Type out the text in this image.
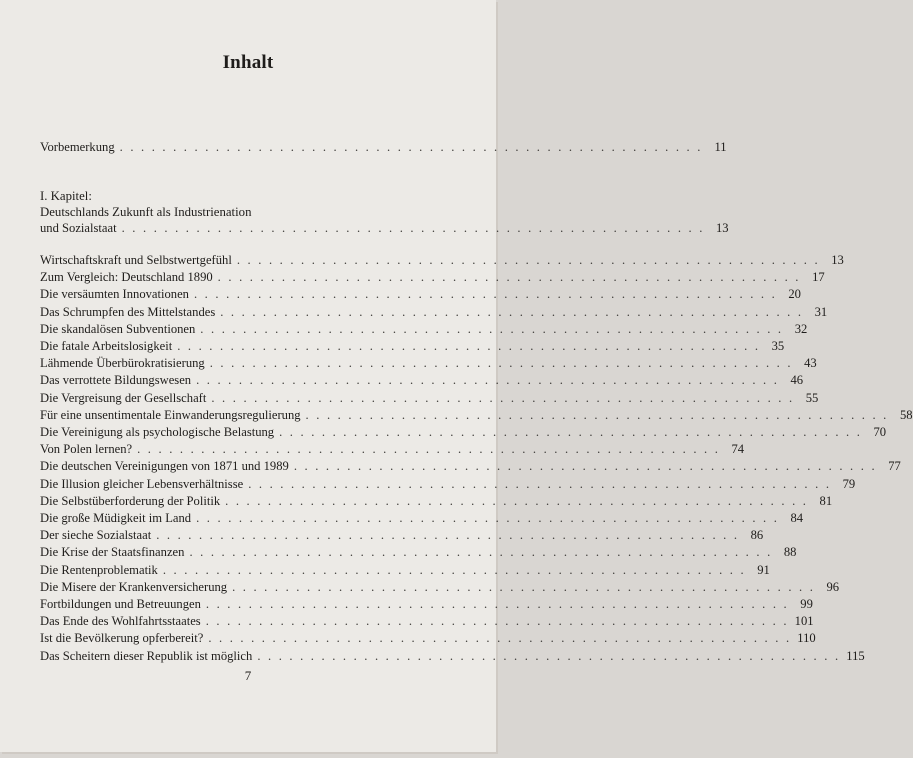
Inhalt
Vorbemerkung . . . . . . . . . . . . . . . . . . . . . . . . . . . . . . . . . . . . . . . . . . . . . . . . . . . . . . . 11
I. Kapitel:
Deutschlands Zukunft als Industrienation
und Sozialstaat . . . . . . . . . . . . . . . . . . . . . . . . . . . . . . . . . . . . . . . . . . . . . . . . . . . . . . . 13
Wirtschaftskraft und Selbstwertgefühl . . . . . . . . . . . . . . . . . . . . . . . . . . . . . . . . . . . . . . . . . . . . . . . . . . . . . . . 13
Zum Vergleich: Deutschland 1890 . . . . . . . . . . . . . . . . . . . . . . . . . . . . . . . . . . . . . . . . . . . . . . . . . . . . . . . 17
Die versäumten Innovationen . . . . . . . . . . . . . . . . . . . . . . . . . . . . . . . . . . . . . . . . . . . . . . . . . . . . . . . 20
Das Schrumpfen des Mittelstandes . . . . . . . . . . . . . . . . . . . . . . . . . . . . . . . . . . . . . . . . . . . . . . . . . . . . . . . 31
Die skandalösen Subventionen . . . . . . . . . . . . . . . . . . . . . . . . . . . . . . . . . . . . . . . . . . . . . . . . . . . . . . . 32
Die fatale Arbeitslosigkeit . . . . . . . . . . . . . . . . . . . . . . . . . . . . . . . . . . . . . . . . . . . . . . . . . . . . . . . 35
Lähmende Überbürokratisierung . . . . . . . . . . . . . . . . . . . . . . . . . . . . . . . . . . . . . . . . . . . . . . . . . . . . . . . 43
Das verrottete Bildungswesen . . . . . . . . . . . . . . . . . . . . . . . . . . . . . . . . . . . . . . . . . . . . . . . . . . . . . . . 46
Die Vergreisung der Gesellschaft . . . . . . . . . . . . . . . . . . . . . . . . . . . . . . . . . . . . . . . . . . . . . . . . . . . . . . . 55
Für eine unsentimentale Einwanderungsregulierung . . . . . . . . . . . . . . . . . . . . . . . . . . . . . . . . . . . . . . . . . . . . . . . . . . . . . . . 58
Die Vereinigung als psychologische Belastung . . . . . . . . . . . . . . . . . . . . . . . . . . . . . . . . . . . . . . . . . . . . . . . . . . . . . . . 70
Von Polen lernen? . . . . . . . . . . . . . . . . . . . . . . . . . . . . . . . . . . . . . . . . . . . . . . . . . . . . . . . 74
Die deutschen Vereinigungen von 1871 und 1989 . . . . . . . . . . . . . . . . . . . . . . . . . . . . . . . . . . . . . . . . . . . . . . . . . . . . . . . 77
Die Illusion gleicher Lebensverhältnisse . . . . . . . . . . . . . . . . . . . . . . . . . . . . . . . . . . . . . . . . . . . . . . . . . . . . . . . 79
Die Selbstüberforderung der Politik . . . . . . . . . . . . . . . . . . . . . . . . . . . . . . . . . . . . . . . . . . . . . . . . . . . . . . . 81
Die große Müdigkeit im Land . . . . . . . . . . . . . . . . . . . . . . . . . . . . . . . . . . . . . . . . . . . . . . . . . . . . . . . 84
Der sieche Sozialstaat . . . . . . . . . . . . . . . . . . . . . . . . . . . . . . . . . . . . . . . . . . . . . . . . . . . . . . . 86
Die Krise der Staatsfinanzen . . . . . . . . . . . . . . . . . . . . . . . . . . . . . . . . . . . . . . . . . . . . . . . . . . . . . . . 88
Die Rentenproblematik . . . . . . . . . . . . . . . . . . . . . . . . . . . . . . . . . . . . . . . . . . . . . . . . . . . . . . . 91
Die Misere der Krankenversicherung . . . . . . . . . . . . . . . . . . . . . . . . . . . . . . . . . . . . . . . . . . . . . . . . . . . . . . . 96
Fortbildungen und Betreuungen . . . . . . . . . . . . . . . . . . . . . . . . . . . . . . . . . . . . . . . . . . . . . . . . . . . . . . . 99
Das Ende des Wohlfahrtsstaates . . . . . . . . . . . . . . . . . . . . . . . . . . . . . . . . . . . . . . . . . . . . . . . . . . . . . . . 101
Ist die Bevölkerung opferbereit? . . . . . . . . . . . . . . . . . . . . . . . . . . . . . . . . . . . . . . . . . . . . . . . . . . . . . . . 110
Das Scheitern dieser Republik ist möglich . . . . . . . . . . . . . . . . . . . . . . . . . . . . . . . . . . . . . . . . . . . . . . . . . . . . . . . 115
7
